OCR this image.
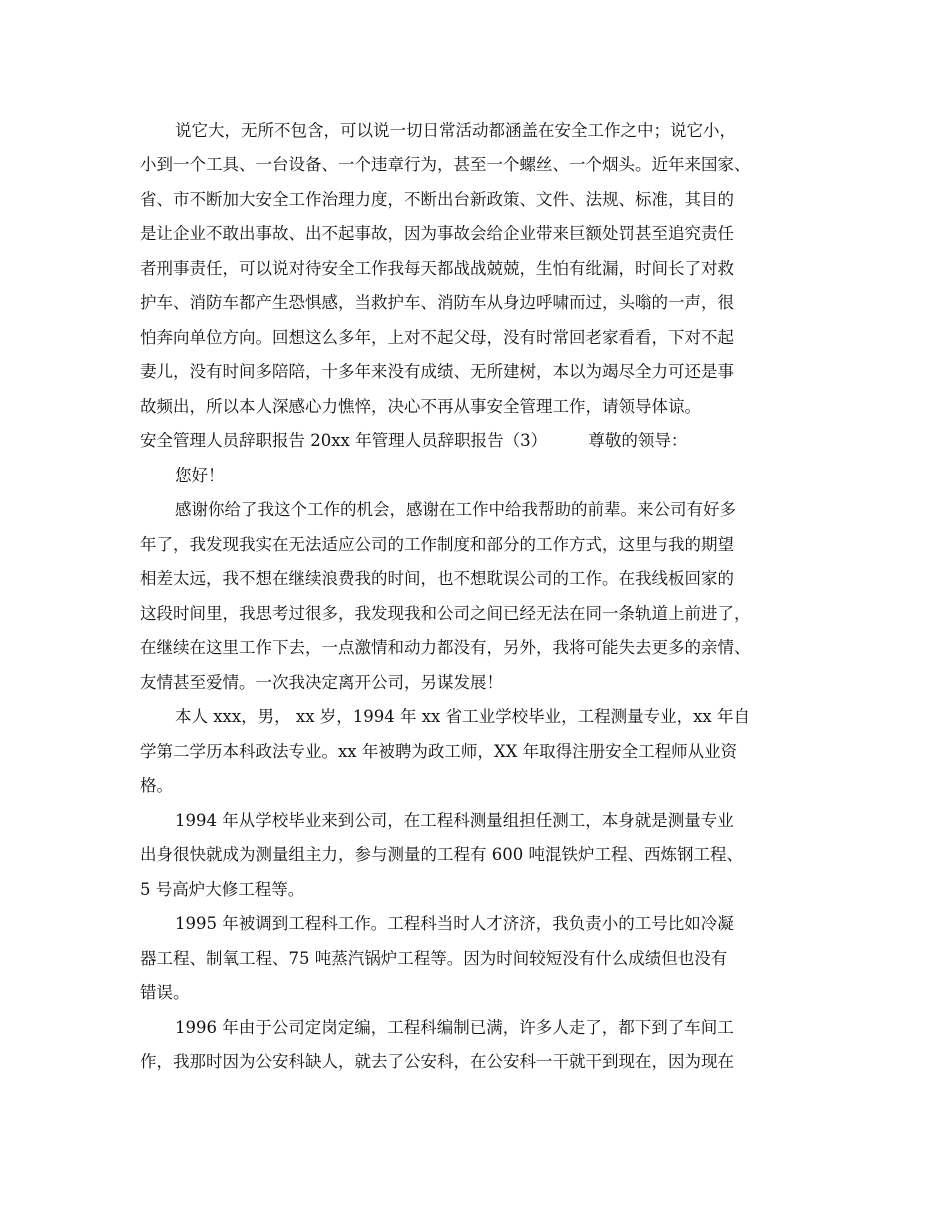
说它大，无所不包含，可以说一切日常活动都涵盖在安全工作之中；说它小，
小到一个工具、一台设备、一个违章行为，甚至一个螺丝、一个烟头。近年来国家、
省、市不断加大安全工作治理力度，不断出台新政策、文件、法规、标准，其目的
是让企业不敢出事故、出不起事故，因为事故会给企业带来巨额处罚甚至追究责任
者刑事责任，可以说对待安全工作我每天都战战兢兢，生怕有纰漏，时间长了对救
护车、消防车都产生恐惧感，当救护车、消防车从身边呼啸而过，头嗡的一声，很
怕奔向单位方向。回想这么多年，上对不起父母，没有时常回老家看看，下对不起
妻儿，没有时间多陪陪，十多年来没有成绩、无所建树，本以为竭尽全力可还是事
故频出，所以本人深感心力憔悴，决心不再从事安全管理工作，请领导体谅。
安全管理人员辞职报告 20xx 年管理人员辞职报告（3）　　　尊敬的领导：
您好！
感谢你给了我这个工作的机会，感谢在工作中给我帮助的前辈。来公司有好多
年了，我发现我实在无法适应公司的工作制度和部分的工作方式，这里与我的期望
相差太远，我不想在继续浪费我的时间，也不想耽误公司的工作。在我线板回家的
这段时间里，我思考过很多，我发现我和公司之间已经无法在同一条轨道上前进了，
在继续在这里工作下去，一点激情和动力都没有，另外，我将可能失去更多的亲情、
友情甚至爱情。一次我决定离开公司，另谋发展！
本人 xxx，男， xx 岁，1994 年 xx 省工业学校毕业，工程测量专业，xx 年自
学第二学历本科政法专业。xx 年被聘为政工师，XX 年取得注册安全工程师从业资
格。
1994 年从学校毕业来到公司，在工程科测量组担任测工，本身就是测量专业
出身很快就成为测量组主力，参与测量的工程有 600 吨混铁炉工程、西炼钢工程、
5 号高炉大修工程等。
1995 年被调到工程科工作。工程科当时人才济济，我负责小的工号比如冷凝
器工程、制氧工程、75 吨蒸汽锅炉工程等。因为时间较短没有什么成绩但也没有
错误。
1996 年由于公司定岗定编，工程科编制已满，许多人走了，都下到了车间工
作，我那时因为公安科缺人，就去了公安科，在公安科一干就干到现在，因为现在
